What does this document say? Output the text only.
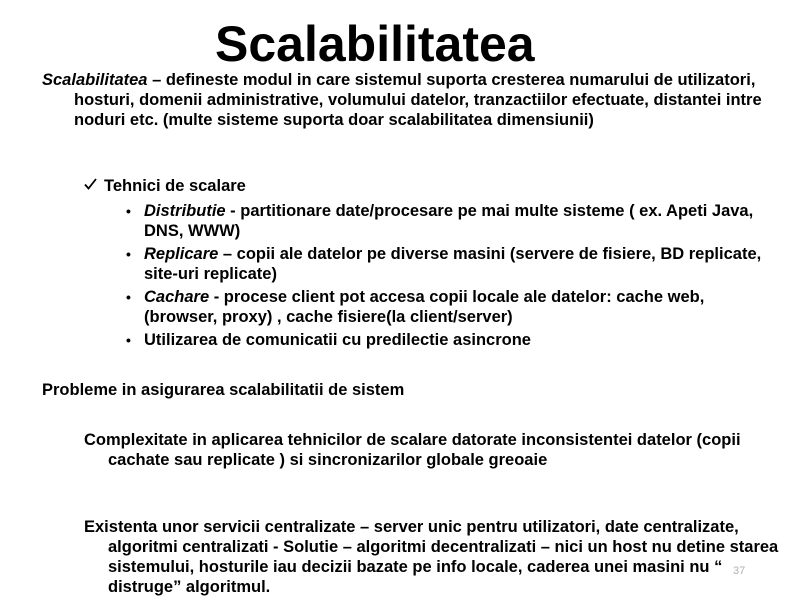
Scalabilitatea
Scalabilitatea – defineste modul in care sistemul suporta cresterea numarului de utilizatori, hosturi, domenii administrative, volumului datelor, tranzactiilor efectuate, distantei intre noduri etc. (multe sisteme suporta doar scalabilitatea dimensiunii)
Tehnici de scalare
• Distributie - partitionare date/procesare pe mai multe sisteme ( ex. Apeti Java, DNS, WWW)
• Replicare – copii ale datelor pe diverse masini (servere de fisiere, BD replicate, site-uri replicate)
• Cachare - procese client pot accesa copii locale ale datelor: cache web, (browser, proxy) , cache fisiere(la client/server)
• Utilizarea de comunicatii cu predilectie asincrone
Probleme in asigurarea scalabilitatii de sistem
Complexitate in aplicarea tehnicilor de scalare datorate inconsistentei datelor (copii cachate sau replicate ) si sincronizarilor globale greoaie
Existenta unor servicii centralizate – server unic pentru utilizatori, date centralizate, algoritmi centralizati - Solutie – algoritmi decentralizati – nici un host nu detine starea sistemului, hosturile iau decizii bazate pe info locale, caderea unei masini nu “ distruge” algoritmul.
37
